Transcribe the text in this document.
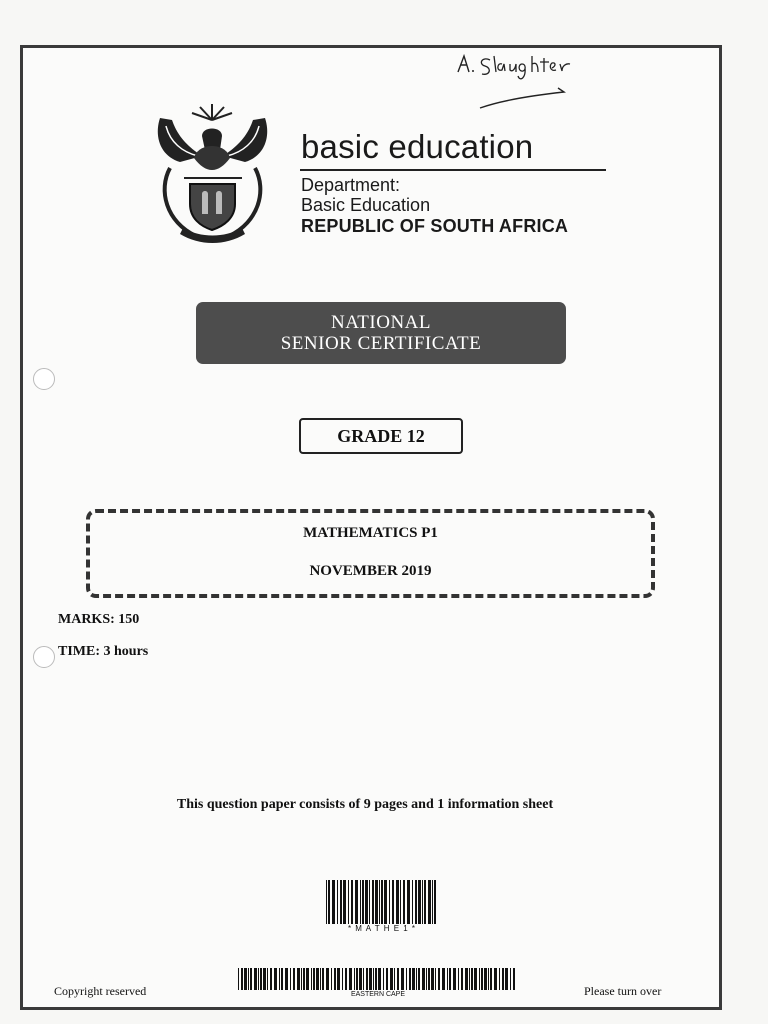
basic education
Department:
Basic Education
REPUBLIC OF SOUTH AFRICA
NATIONAL
SENIOR CERTIFICATE
GRADE 12
MATHEMATICS P1
NOVEMBER 2019
MARKS: 150
TIME: 3 hours
This question paper consists of 9 pages and 1 information sheet
* M A T H E 1 *
EASTERN CAPE
Copyright reserved	Please turn over
